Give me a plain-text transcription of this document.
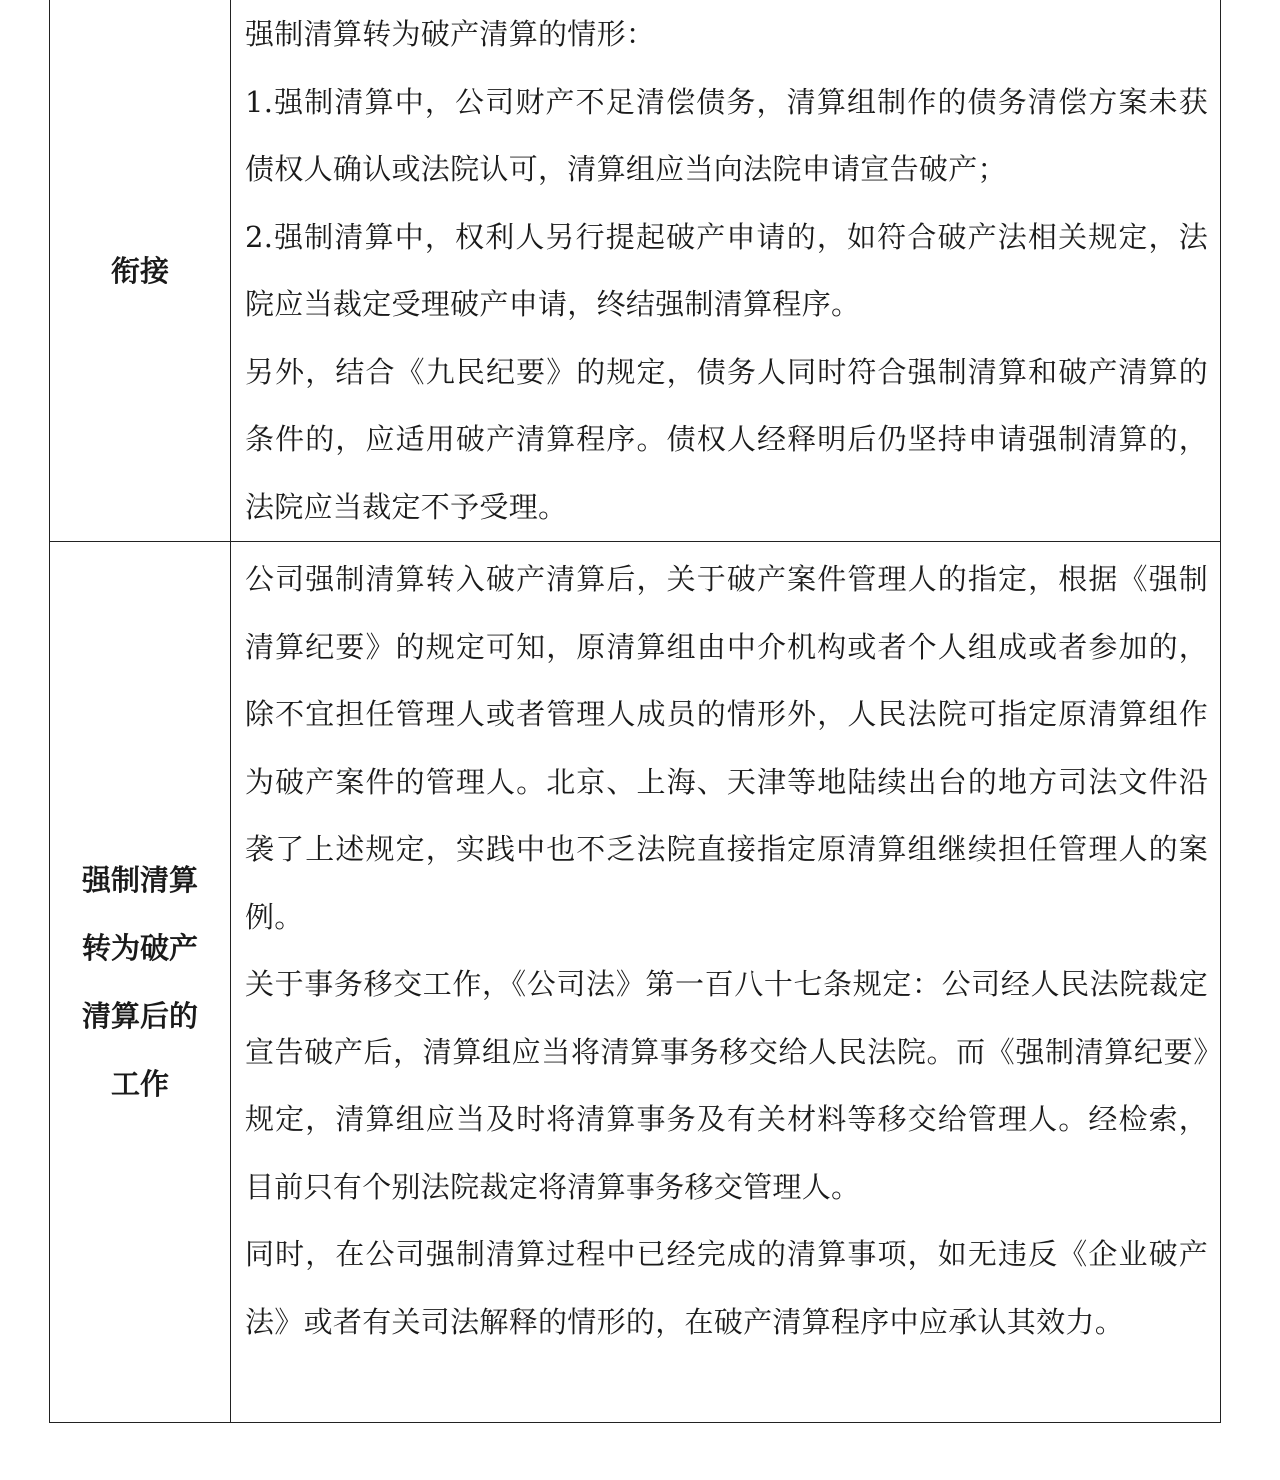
衔接	强制清算转为破产清算的情形：

1.强制清算中，公司财产不足清偿债务，清算组制作的债务清偿方案未获债权人确认或法院认可，清算组应当向法院申请宣告破产；

2.强制清算中，权利人另行提起破产申请的，如符合破产法相关规定，法院应当裁定受理破产申请，终结强制清算程序。

另外，结合《九民纪要》的规定，债务人同时符合强制清算和破产清算的条件的，应适用破产清算程序。债权人经释明后仍坚持申请强制清算的，法院应当裁定不予受理。

强制清算转为破产清算后的工作	公司强制清算转入破产清算后，关于破产案件管理人的指定，根据《强制清算纪要》的规定可知，原清算组由中介机构或者个人组成或者参加的，除不宜担任管理人或者管理人成员的情形外，人民法院可指定原清算组作为破产案件的管理人。北京、上海、天津等地陆续出台的地方司法文件沿袭了上述规定，实践中也不乏法院直接指定原清算组继续担任管理人的案例。

关于事务移交工作，《公司法》第一百八十七条规定：公司经人民法院裁定宣告破产后，清算组应当将清算事务移交给人民法院。而《强制清算纪要》规定，清算组应当及时将清算事务及有关材料等移交给管理人。经检索，目前只有个别法院裁定将清算事务移交管理人。

同时，在公司强制清算过程中已经完成的清算事项，如无违反《企业破产法》或者有关司法解释的情形的，在破产清算程序中应承认其效力。
